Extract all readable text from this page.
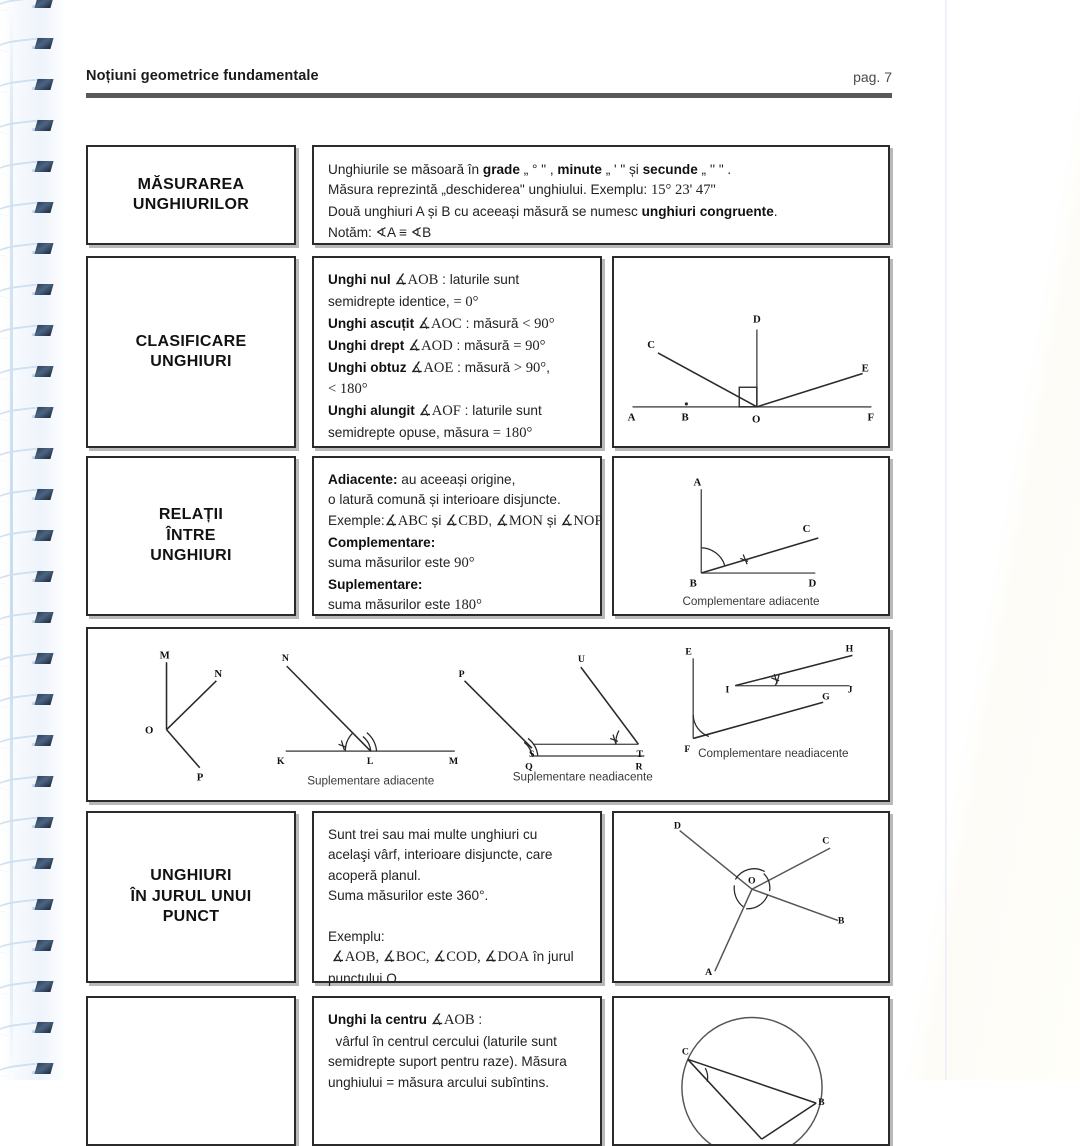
Noțiuni geometrice fundamentale	pag. 7
MĂSURAREA
UNGHIURILOR
Unghiurile se măsoară în grade „ ° " , minute „ ' " și secunde „ '' " .
Măsura reprezintă „deschiderea" unghiului. Exemplu: 15° 23' 47''
Două unghiuri A și B cu aceeași măsură se numesc unghiuri congruente.
Notăm: ∢A ≡ ∢B
CLASIFICARE
UNGHIURI
Unghi nul ∡AOB : laturile sunt
semidrepte identice, = 0°
Unghi ascuțit ∡AOC : măsură < 90°
Unghi drept ∡AOD : măsură = 90°
Unghi obtuz ∡AOE : măsură > 90°,
< 180°
Unghi alungit ∡AOF : laturile sunt
semidrepte opuse, măsura = 180°
A	B
C
D
E
F
O
RELAȚII
ÎNTRE
UNGHIURI
Adiacente: au aceeași origine,
o latură comună și interioare disjuncte.
Exemple:∡ABC și ∡CBD, ∡MON și ∡NOP
Complementare:
suma măsurilor este 90°
Suplementare:
suma măsurilor este 180°
A
B
C
D
Complementare adiacente
M
N
O
P
N
K	L	M
Suplementare adiacente
P
U
Q	R
S	T
Suplementare neadiacente
E
F
G
H
I	J
Complementare neadiacente
UNGHIURI
ÎN JURUL UNUI
PUNCT
Sunt trei sau mai multe unghiuri cu
acelaşi vârf, interioare disjuncte, care
acoperă planul.
Suma măsurilor este 360°.

Exemplu:
∡AOB, ∡BOC, ∡COD, ∡DOA în jurul
punctului O
D
C
B
A
O
Unghi la centru ∡AOB :
vârful în centrul cercului (laturile sunt
semidrepte suport pentru raze). Măsura
unghiului = măsura arcului subîntins.
C
B
